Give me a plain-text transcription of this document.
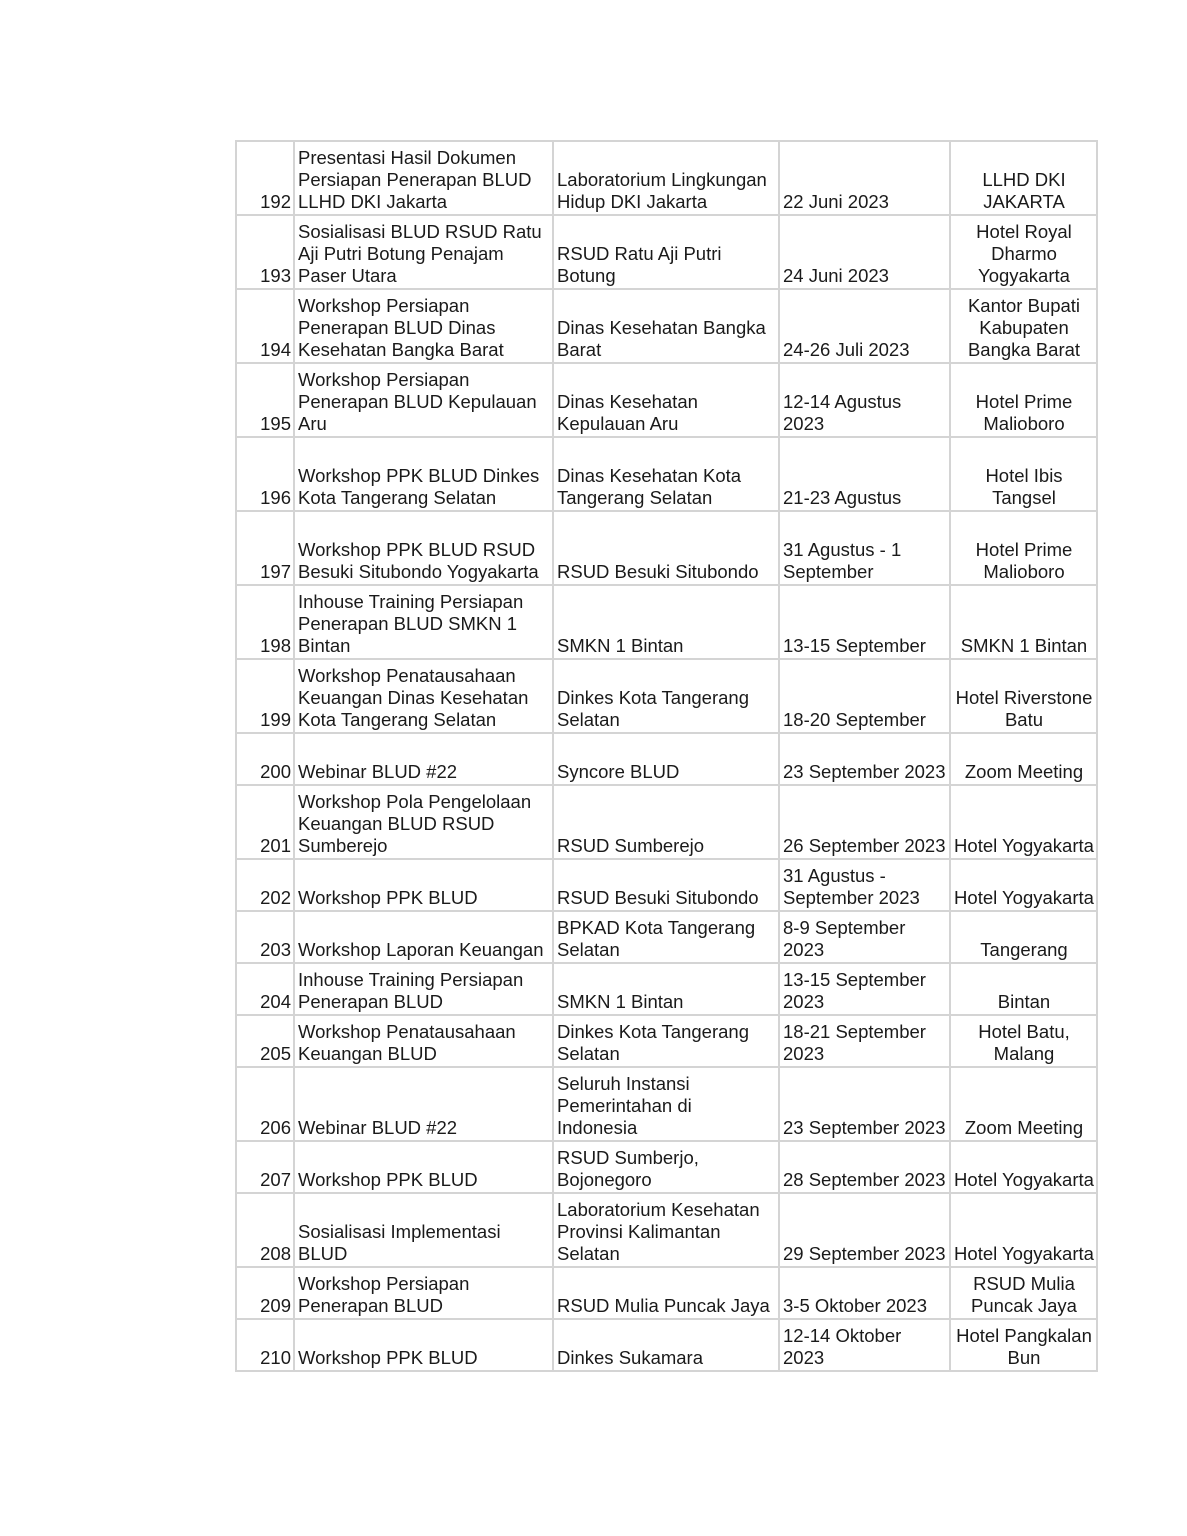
192	Presentasi Hasil Dokumen Persiapan Penerapan BLUD LLHD DKI Jakarta	Laboratorium Lingkungan Hidup DKI Jakarta	22 Juni 2023	LLHD DKI JAKARTA
193	Sosialisasi BLUD RSUD Ratu Aji Putri Botung Penajam Paser Utara	RSUD Ratu Aji Putri Botung	24 Juni 2023	Hotel Royal Dharmo Yogyakarta
194	Workshop Persiapan Penerapan BLUD Dinas Kesehatan Bangka Barat	Dinas Kesehatan Bangka Barat	24-26 Juli 2023	Kantor Bupati Kabupaten Bangka Barat
195	Workshop Persiapan Penerapan BLUD Kepulauan Aru	Dinas Kesehatan Kepulauan Aru	12-14 Agustus 2023	Hotel Prime Malioboro
196	Workshop PPK BLUD Dinkes Kota Tangerang Selatan	Dinas Kesehatan Kota Tangerang Selatan	21-23 Agustus	Hotel Ibis Tangsel
197	Workshop PPK BLUD RSUD Besuki Situbondo Yogyakarta	RSUD Besuki Situbondo	31 Agustus - 1 September	Hotel Prime Malioboro
198	Inhouse Training Persiapan Penerapan BLUD SMKN 1 Bintan	SMKN 1 Bintan	13-15 September	SMKN 1 Bintan
199	Workshop Penatausahaan Keuangan Dinas Kesehatan Kota Tangerang Selatan	Dinkes Kota Tangerang Selatan	18-20 September	Hotel Riverstone Batu
200	Webinar BLUD #22	Syncore BLUD	23 September 2023	Zoom Meeting
201	Workshop Pola Pengelolaan Keuangan BLUD RSUD Sumberejo	RSUD Sumberejo	26 September 2023	Hotel Yogyakarta
202	Workshop PPK BLUD	RSUD Besuki Situbondo	31 Agustus - September 2023	Hotel Yogyakarta
203	Workshop Laporan Keuangan	BPKAD Kota Tangerang Selatan	8-9 September 2023	Tangerang
204	Inhouse Training Persiapan Penerapan BLUD	SMKN 1 Bintan	13-15 September 2023	Bintan
205	Workshop Penatausahaan Keuangan BLUD	Dinkes Kota Tangerang Selatan	18-21 September 2023	Hotel Batu, Malang
206	Webinar BLUD #22	Seluruh Instansi Pemerintahan di Indonesia	23 September 2023	Zoom Meeting
207	Workshop PPK BLUD	RSUD Sumberjo, Bojonegoro	28 September 2023	Hotel Yogyakarta
208	Sosialisasi Implementasi BLUD	Laboratorium Kesehatan Provinsi Kalimantan Selatan	29 September 2023	Hotel Yogyakarta
209	Workshop Persiapan Penerapan BLUD	RSUD Mulia Puncak Jaya	3-5 Oktober 2023	RSUD Mulia Puncak Jaya
210	Workshop PPK BLUD	Dinkes Sukamara	12-14 Oktober 2023	Hotel Pangkalan Bun
